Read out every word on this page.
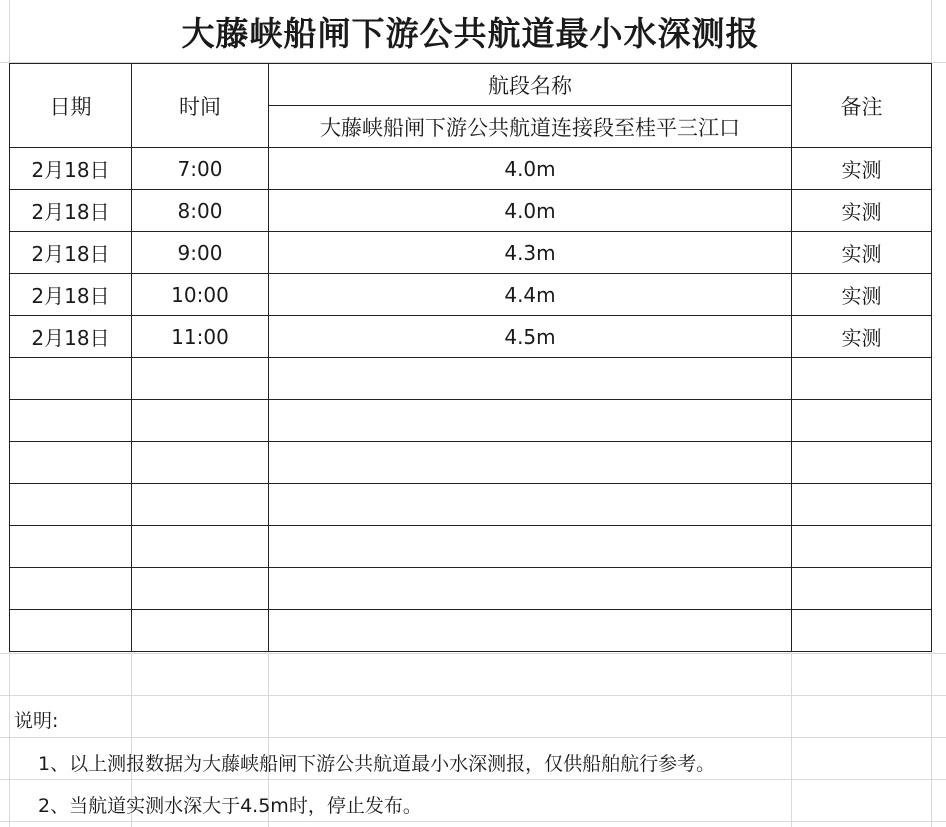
大藤峡船闸下游公共航道最小水深测报
日期	时间	航段名称	备注
		大藤峡船闸下游公共航道连接段至桂平三江口	
2月18日	7:00	4.0m	实测
2月18日	8:00	4.0m	实测
2月18日	9:00	4.3m	实测
2月18日	10:00	4.4m	实测
2月18日	11:00	4.5m	实测

说明:
1、以上测报数据为大藤峡船闸下游公共航道最小水深测报，仅供船舶航行参考。
2、当航道实测水深大于4.5m时，停止发布。
